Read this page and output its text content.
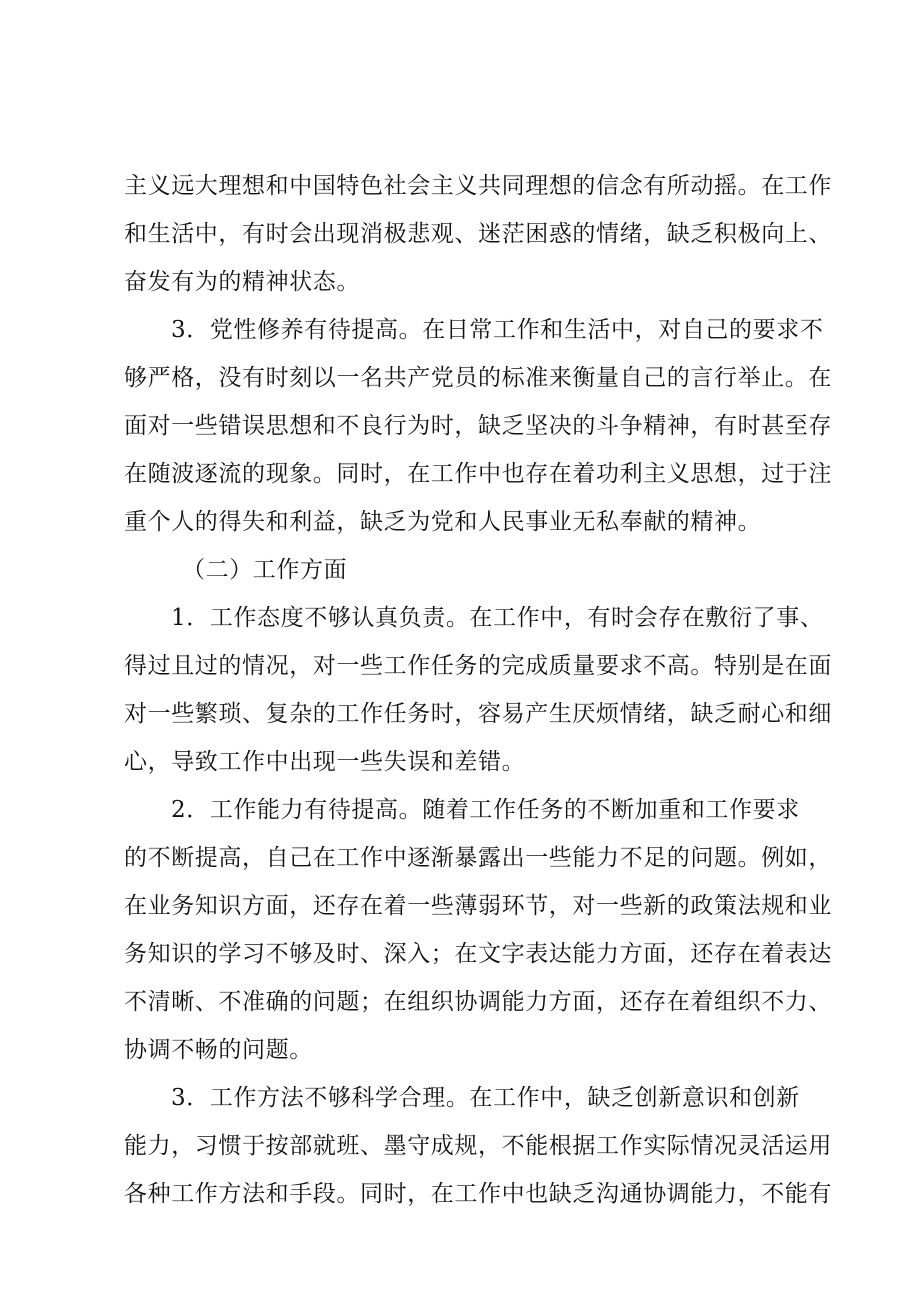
主义远大理想和中国特色社会主义共同理想的信念有所动摇。在工作
和生活中，有时会出现消极悲观、迷茫困惑的情绪，缺乏积极向上、
奋发有为的精神状态。
3．党性修养有待提高。在日常工作和生活中，对自己的要求不
够严格，没有时刻以一名共产党员的标准来衡量自己的言行举止。在
面对一些错误思想和不良行为时，缺乏坚决的斗争精神，有时甚至存
在随波逐流的现象。同时，在工作中也存在着功利主义思想，过于注
重个人的得失和利益，缺乏为党和人民事业无私奉献的精神。
（二）工作方面
1．工作态度不够认真负责。在工作中，有时会存在敷衍了事、
得过且过的情况，对一些工作任务的完成质量要求不高。特别是在面
对一些繁琐、复杂的工作任务时，容易产生厌烦情绪，缺乏耐心和细
心，导致工作中出现一些失误和差错。
2．工作能力有待提高。随着工作任务的不断加重和工作要求
的不断提高，自己在工作中逐渐暴露出一些能力不足的问题。例如，
在业务知识方面，还存在着一些薄弱环节，对一些新的政策法规和业
务知识的学习不够及时、深入；在文字表达能力方面，还存在着表达
不清晰、不准确的问题；在组织协调能力方面，还存在着组织不力、
协调不畅的问题。
3．工作方法不够科学合理。在工作中，缺乏创新意识和创新
能力，习惯于按部就班、墨守成规，不能根据工作实际情况灵活运用
各种工作方法和手段。同时，在工作中也缺乏沟通协调能力，不能有
